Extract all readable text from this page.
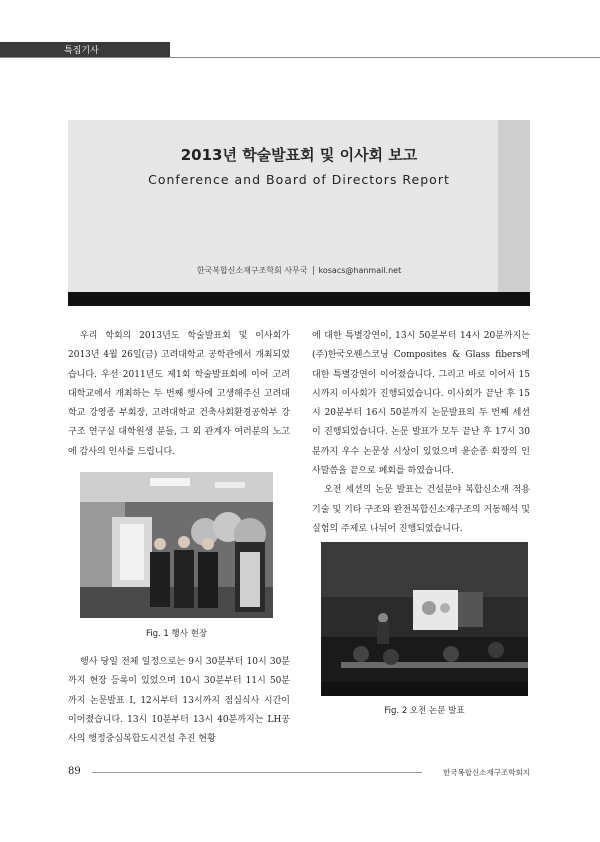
특집기사
2013년 학술발표회 및 이사회 보고
Conference and Board of Directors Report
한국복합신소재구조학회 사무국 kosacs@hanmail.net

우리 학회의 2013년도 학술발표회 및 이사회가 2013년 4월 26일(금) 고려대학교 공학관에서 개최되었습니다. 우선 2011년도 제1회 학술발표회에 이어 고려대학교에서 개최하는 두 번째 행사에 고생해주신 고려대학교 강영종 부회장, 고려대학교 건축사회환경공학부 강구조 연구실 대학원생 분들, 그 외 관계자 여러분의 노고에 감사의 인사를 드립니다.

Fig. 1 행사 현장

행사 당일 전체 일정으로는 9시 30분부터 10시 30분까지 현장 등록이 있었으며 10시 30분부터 11시 50분까지 논문발표 I, 12시부터 13시까지 점심식사 시간이 이어졌습니다. 13시 10분부터 13시 40분까지는 LH공사의 행정중심복합도시건설 추진 현황

에 대한 특별강연이, 13시 50분부터 14시 20분까지는 (주)한국오웬스코닝 Composites & Glass fibers에 대한 특별강연이 이어졌습니다. 그리고 바로 이어서 15시까지 이사회가 진행되었습니다. 이사회가 끝난 후 15시 20분부터 16시 50분까지 논문발표의 두 번째 세션이 진행되었습니다. 논문 발표가 모두 끝난 후 17시 30분까지 우수 논문상 시상이 있었으며 윤순종 회장의 인사말씀을 끝으로 폐회를 하였습니다.

오전 세션의 논문 발표는 건설분야 복합신소재 적용기술 및 기타 구조와 완전복합신소재구조의 거동해석 및 실험의 주제로 나뉘어 진행되었습니다.

Fig. 2 오전 논문 발표
89	한국복합신소재구조학회지
